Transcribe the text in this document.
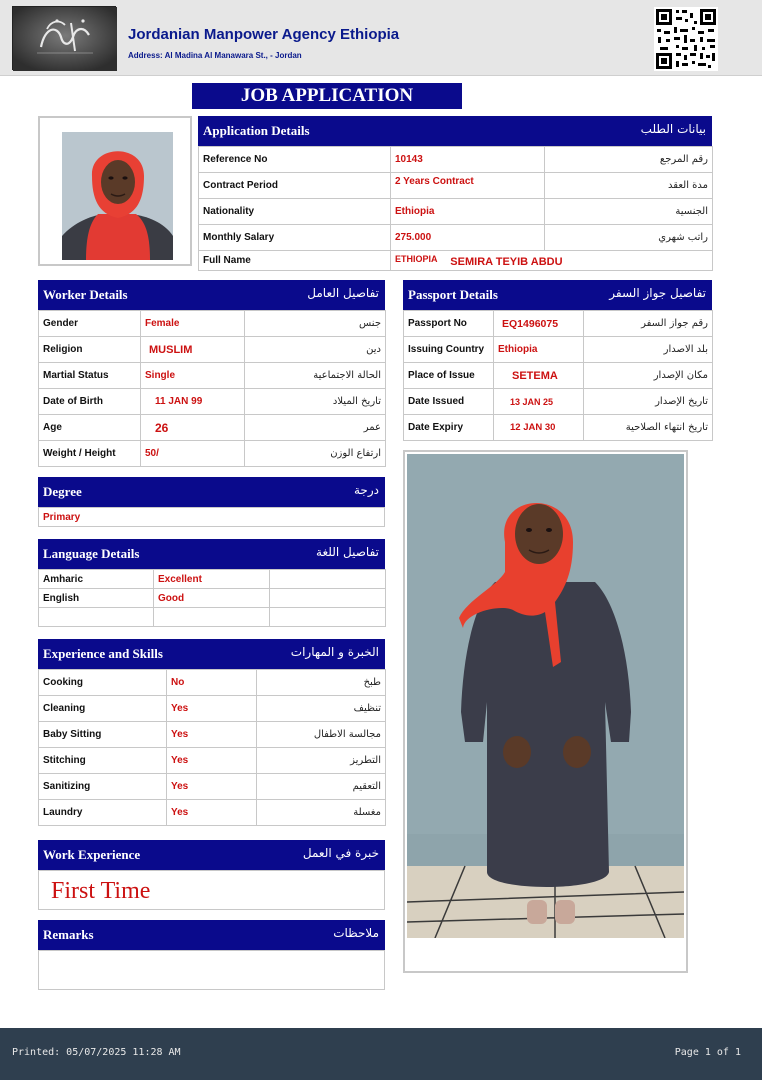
Jordanian Manpower Agency Ethiopia
Address: Al Madina Al Manawara St., - Jordan
JOB APPLICATION
Application Details	بيانات الطلب
Reference No	10143	رقم المرجع
Contract Period	2 Years Contract	مدة العقد
Nationality	Ethiopia	الجنسية
Monthly Salary	275.000	راتب شهري
Full Name	ETHIOPIA SEMIRA TEYIB ABDU	
Worker Details	تفاصيل العامل
Gender	Female	جنس
Religion	MUSLIM	دين
Martial Status	Single	الحالة الاجتماعية
Date of Birth	11 JAN 99	تاريخ الميلاد
Age	26	عمر
Weight / Height	50/	ارتفاع الوزن
Passport Details	تفاصيل جواز السفر
Passport No	EQ1496075	رقم جواز السفر
Issuing Country	Ethiopia	بلد الاصدار
Place of Issue	SETEMA	مكان الإصدار
Date Issued	13 JAN 25	تاريخ الإصدار
Date Expiry	12 JAN 30	تاريخ انتهاء الصلاحية
Degree	درجة
Primary
Language Details	تفاصيل اللغة
Amharic	Excellent	
English	Good	

Experience and Skills	الخبرة و المهارات
Cooking	No	طبخ
Cleaning	Yes	تنظيف
Baby Sitting	Yes	مجالسة الاطفال
Stitching	Yes	التطريز
Sanitizing	Yes	التعقيم
Laundry	Yes	مغسلة
Work Experience	خبرة في العمل
First Time
Remarks	ملاحظات
Printed: 05/07/2025 11:28 AM	Page 1 of 1
